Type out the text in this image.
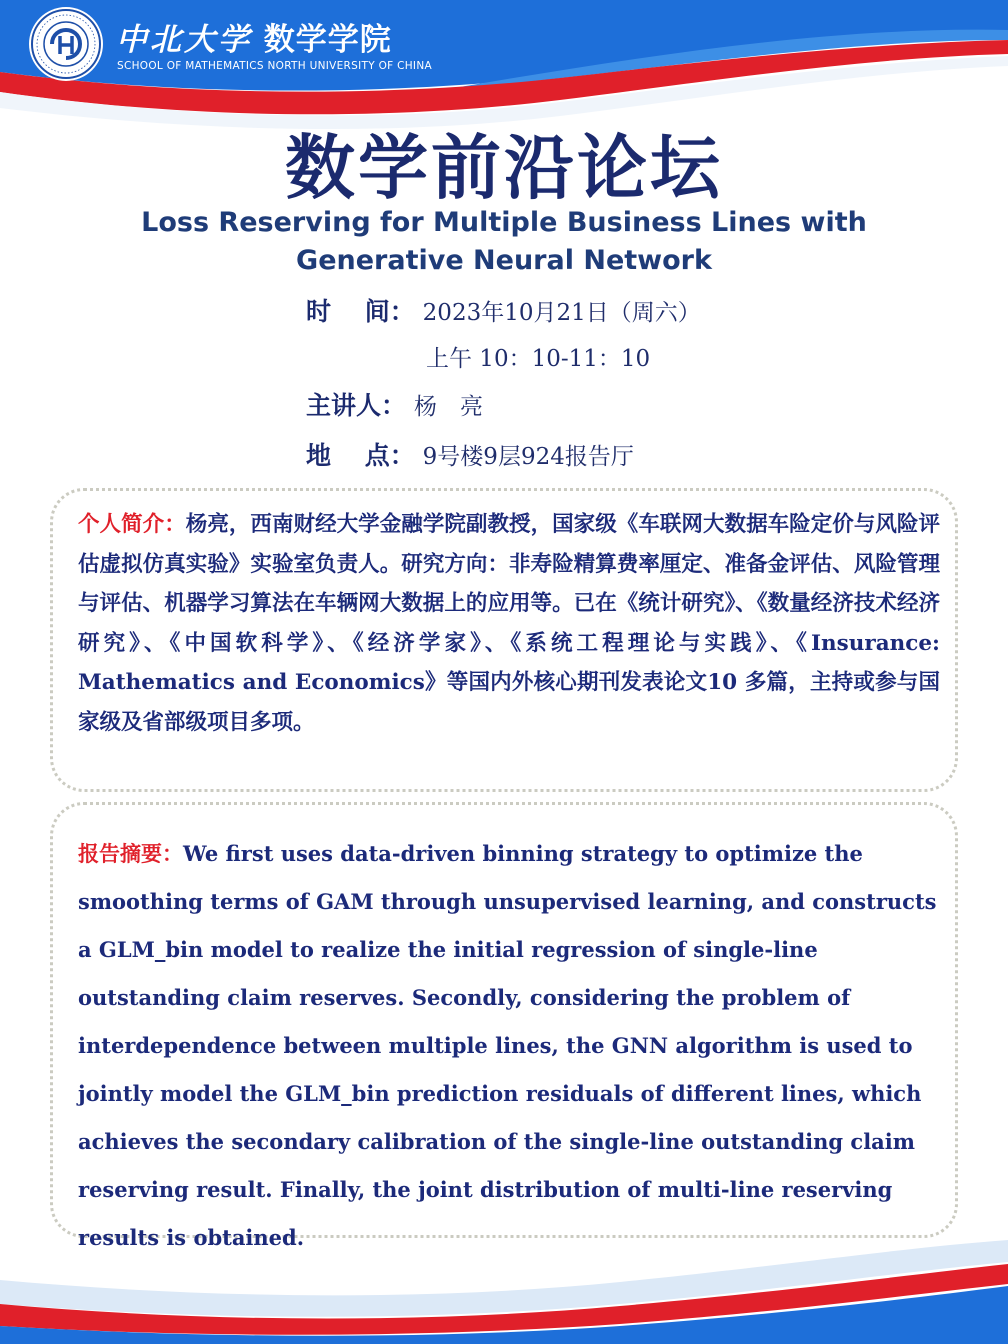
中北大学 数学学院
SCHOOL OF MATHEMATICS NORTH UNIVERSITY OF CHINA
数学前沿论坛
Loss Reserving for Multiple Business Lines with Generative Neural Network
时　 间： 2023年10月21日（周六）
上午 10：10-11：10
主讲人： 杨　亮
地　 点： 9号楼9层924报告厅
个人简介：杨亮，西南财经大学金融学院副教授，国家级《车联网大数据车险定价与风险评估虚拟仿真实验》实验室负责人。研究方向：非寿险精算费率厘定、准备金评估、风险管理与评估、机器学习算法在车辆网大数据上的应用等。已在《统计研究》、《数量经济技术经济研究》、《中国软科学》、《经济学家》、《系统工程理论与实践》、《Insurance: Mathematics and Economics》等国内外核心期刊发表论文10 多篇，主持或参与国家级及省部级项目多项。
报告摘要：We first uses data-driven binning strategy to optimize the smoothing terms of GAM through unsupervised learning, and constructs a GLM_bin model to realize the initial regression of single-line outstanding claim reserves. Secondly, considering the problem of interdependence between multiple lines, the GNN algorithm is used to jointly model the GLM_bin prediction residuals of different lines, which achieves the secondary calibration of the single-line outstanding claim reserving result. Finally, the joint distribution of multi-line reserving results is obtained.
